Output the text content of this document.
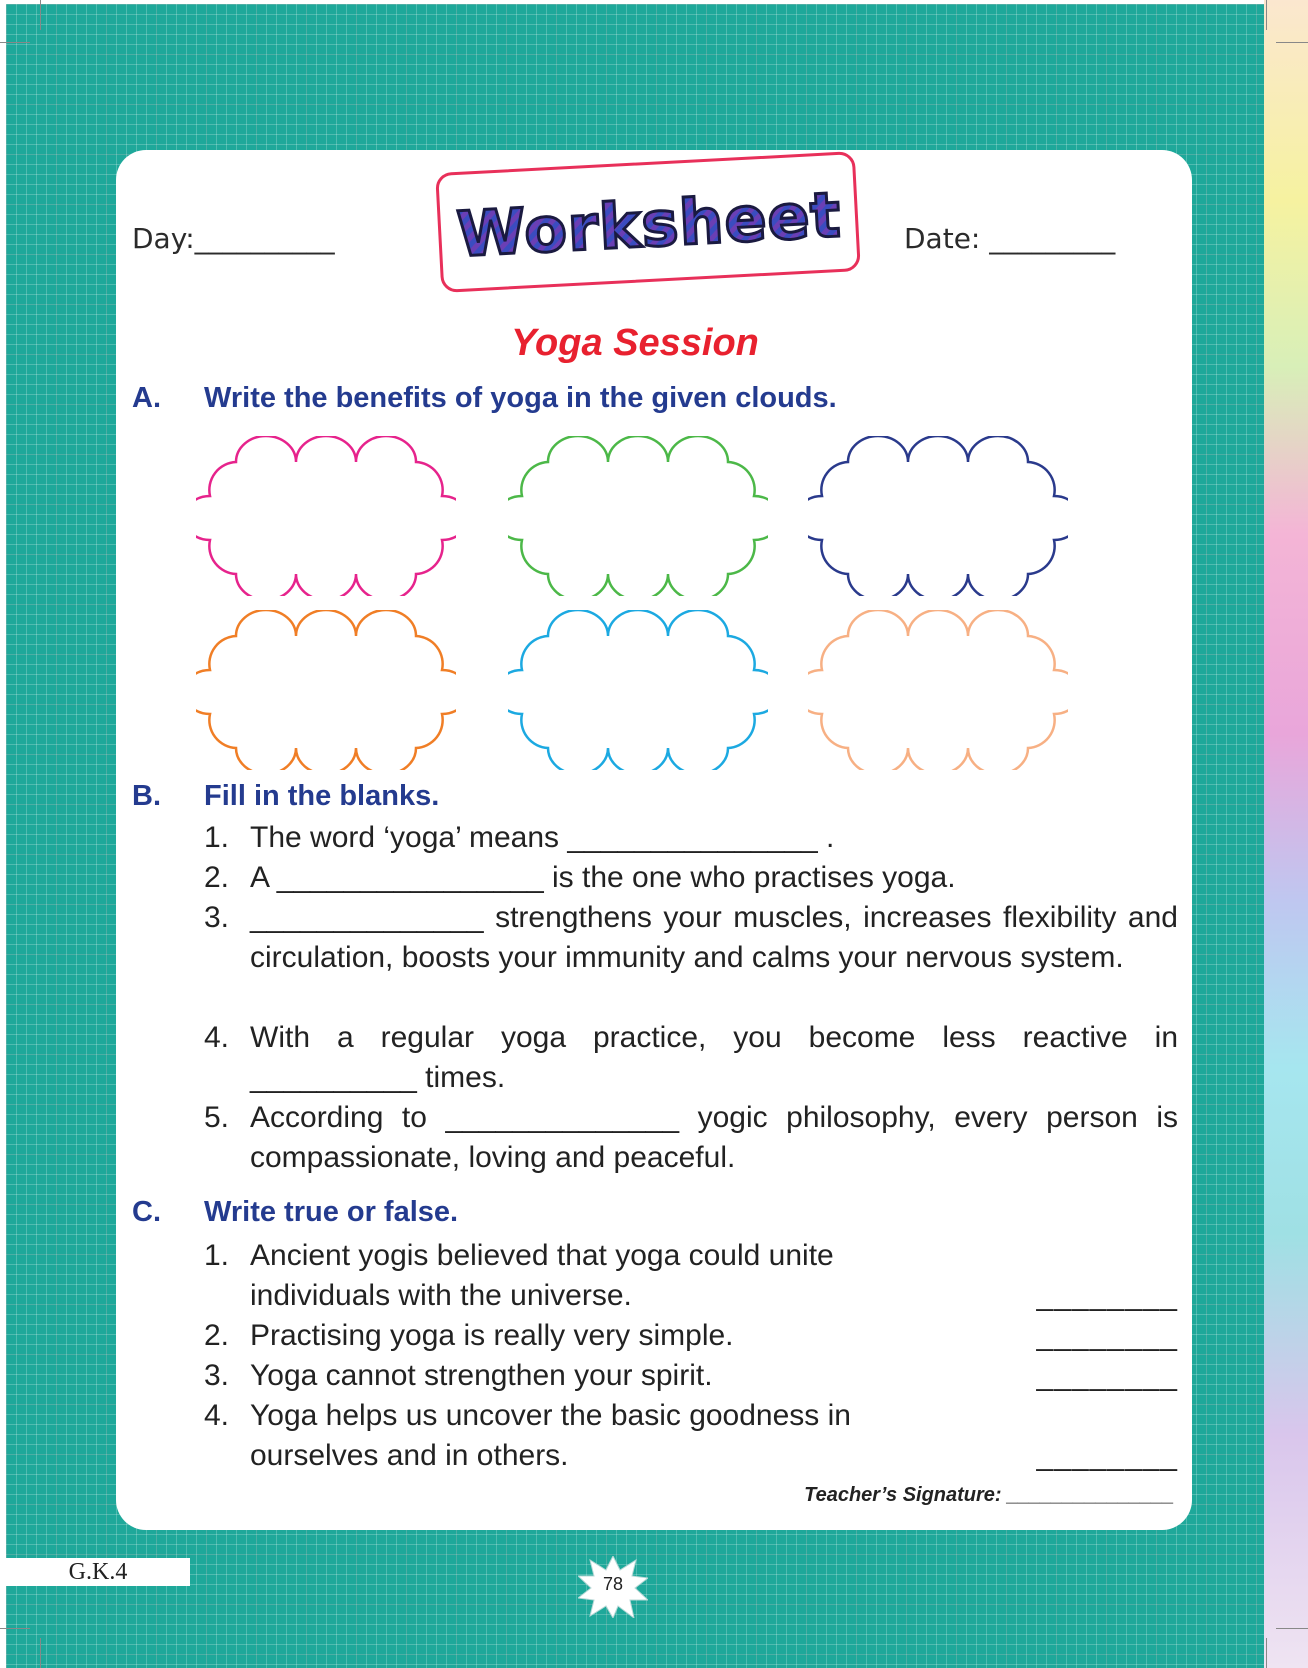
Day:__________	Date: _________
Worksheet
Yoga Session
A. Write the benefits of yoga in the given clouds.
B. Fill in the blanks.
1. The word ‘yoga’ means _______________ .
2. A ________________ is the one who practises yoga.
3. ______________ strengthens your muscles, increases flexibility and circulation, boosts your immunity and calms your nervous system.
4. With a regular yoga practice, you become less reactive in __________ times.
5. According to ______________ yogic philosophy, every person is compassionate, loving and peaceful.
C. Write true or false.
1. Ancient yogis believed that yoga could unite individuals with the universe.	________
2. Practising yoga is really very simple.	________
3. Yoga cannot strengthen your spirit.	________
4. Yoga helps us uncover the basic goodness in ourselves and in others.	________
Teacher’s Signature: _______________
G.K.4	78
